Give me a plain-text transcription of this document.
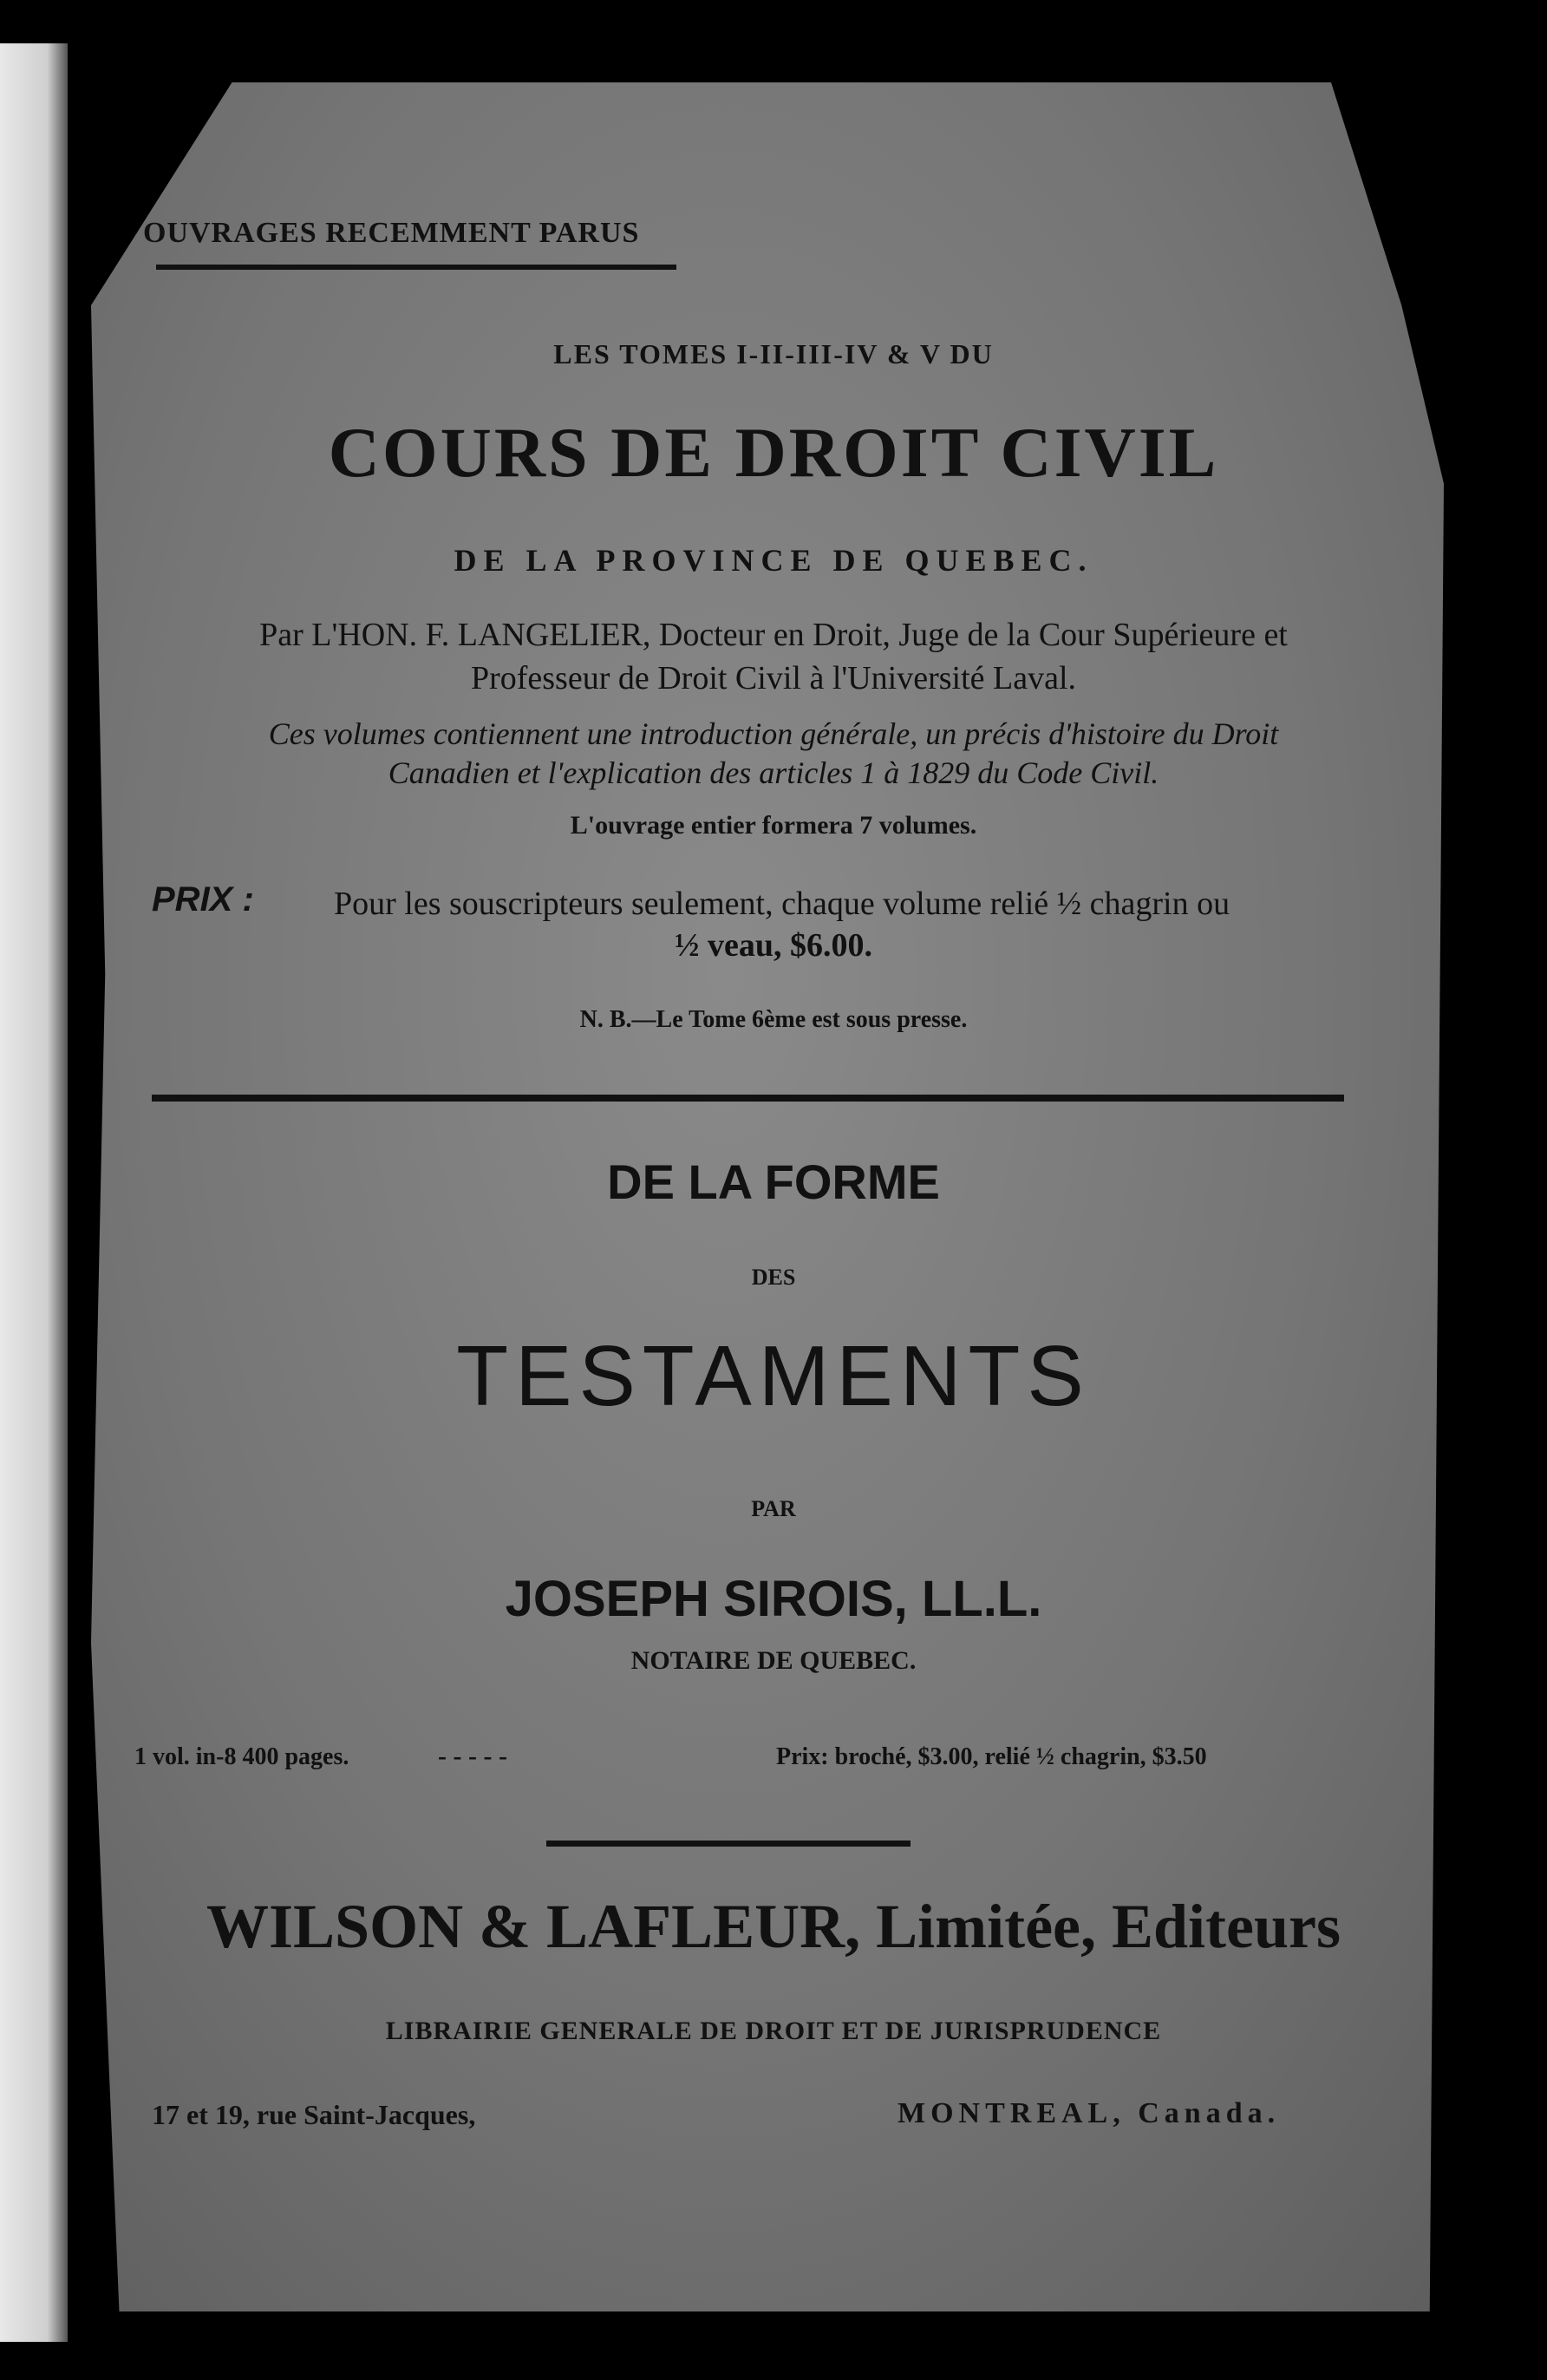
OUVRAGES RECEMMENT PARUS
LES TOMES I-II-III-IV & V DU
COURS DE DROIT CIVIL
DE LA PROVINCE DE QUEBEC.
Par L'HON. F. LANGELIER, Docteur en Droit, Juge de la Cour Supérieure et
Professeur de Droit Civil à l'Université Laval.
Ces volumes contiennent une introduction générale, un précis d'histoire du Droit
Canadien et l'explication des articles 1 à 1829 du Code Civil.
L'ouvrage entier formera 7 volumes.
PRIX : Pour les souscripteurs seulement, chaque volume relié ½ chagrin ou
½ veau, $6.00.
N. B.—Le Tome 6ème est sous presse.
DE LA FORME
DES
TESTAMENTS
PAR
JOSEPH SIROIS, LL.L.
NOTAIRE DE QUEBEC.
1 vol. in-8 400 pages.	- - - - -	Prix: broché, $3.00, relié ½ chagrin, $3.50
WILSON & LAFLEUR, Limitée, Editeurs
LIBRAIRIE GENERALE DE DROIT ET DE JURISPRUDENCE
17 et 19, rue Saint-Jacques,	MONTREAL, Canada.
